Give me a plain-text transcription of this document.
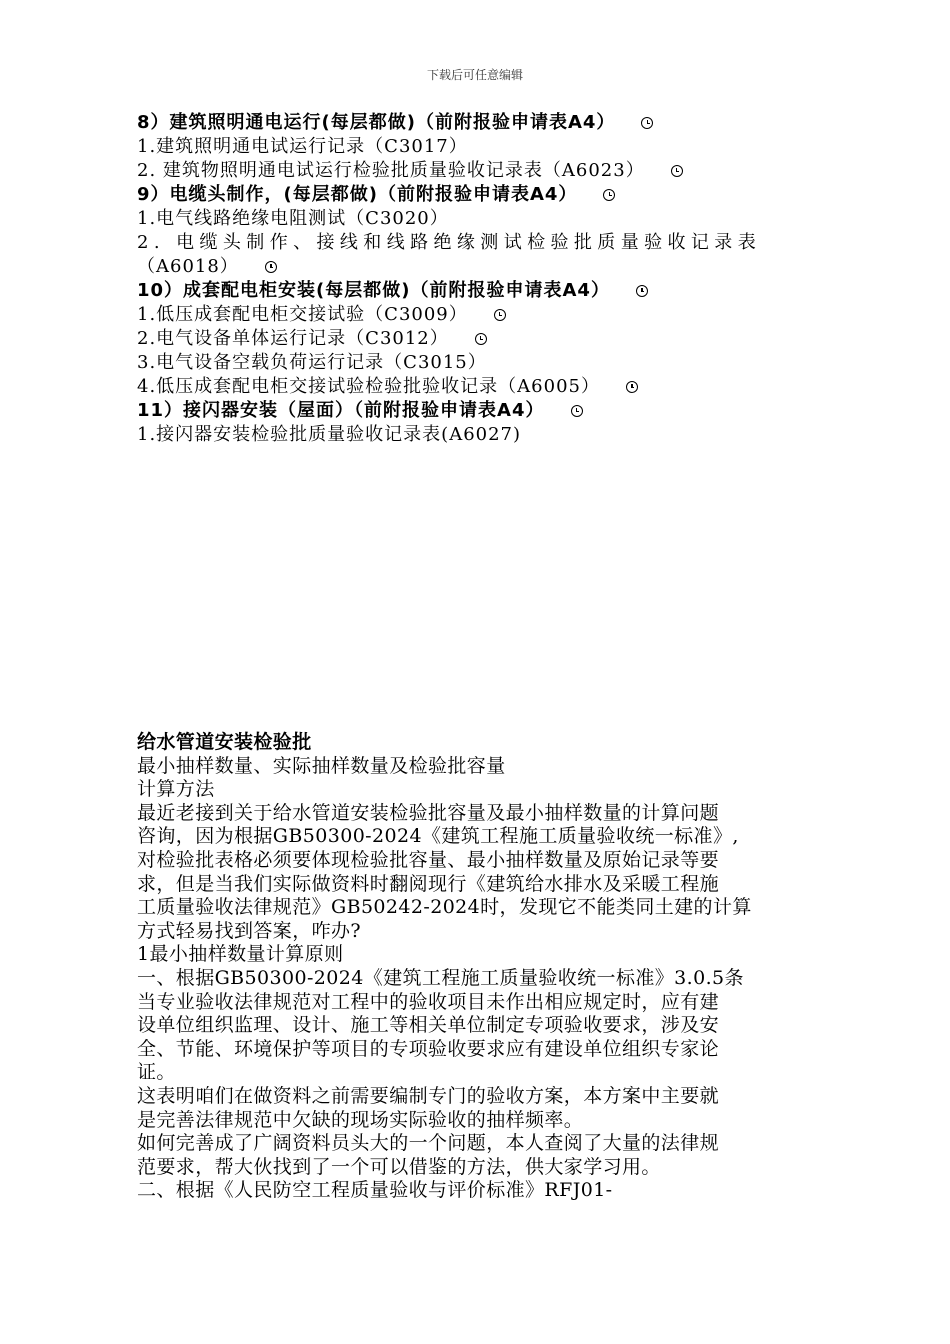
下载后可任意编辑
8）建筑照明通电运行(每层都做)（前附报验申请表A4）
1.建筑照明通电试运行记录（C3017）
2. 建筑物照明通电试运行检验批质量验收记录表（A6023）
9）电缆头制作，(每层都做)（前附报验申请表A4）
1.电气线路绝缘电阻测试（C3020）
2. 电缆头制作、接线和线路绝缘测试检验批质量验收记录表
（A6018）
10）成套配电柜安装(每层都做)（前附报验申请表A4）
1.低压成套配电柜交接试验（C3009）
2.电气设备单体运行记录（C3012）
3.电气设备空载负荷运行记录（C3015）
4.低压成套配电柜交接试验检验批验收记录（A6005）
11）接闪器安装（屋面）（前附报验申请表A4）
1.接闪器安装检验批质量验收记录表(A6027)
给水管道安装检验批
最小抽样数量、实际抽样数量及检验批容量
计算方法
最近老接到关于给水管道安装检验批容量及最小抽样数量的计算问题
咨询，因为根据GB50300-2024《建筑工程施工质量验收统一标准》,
对检验批表格必须要体现检验批容量、最小抽样数量及原始记录等要
求，但是当我们实际做资料时翻阅现行《建筑给水排水及采暖工程施
工质量验收法律规范》GB50242-2024时，发现它不能类同土建的计算
方式轻易找到答案，咋办?
1最小抽样数量计算原则
一、根据GB50300-2024《建筑工程施工质量验收统一标准》3.0.5条
当专业验收法律规范对工程中的验收项目未作出相应规定时，应有建
设单位组织监理、设计、施工等相关单位制定专项验收要求，涉及安
全、节能、环境保护等项目的专项验收要求应有建设单位组织专家论
证。
这表明咱们在做资料之前需要编制专门的验收方案，本方案中主要就
是完善法律规范中欠缺的现场实际验收的抽样频率。
如何完善成了广阔资料员头大的一个问题，本人查阅了大量的法律规
范要求，帮大伙找到了一个可以借鉴的方法，供大家学习用。
二、根据《人民防空工程质量验收与评价标准》RFJ01-
